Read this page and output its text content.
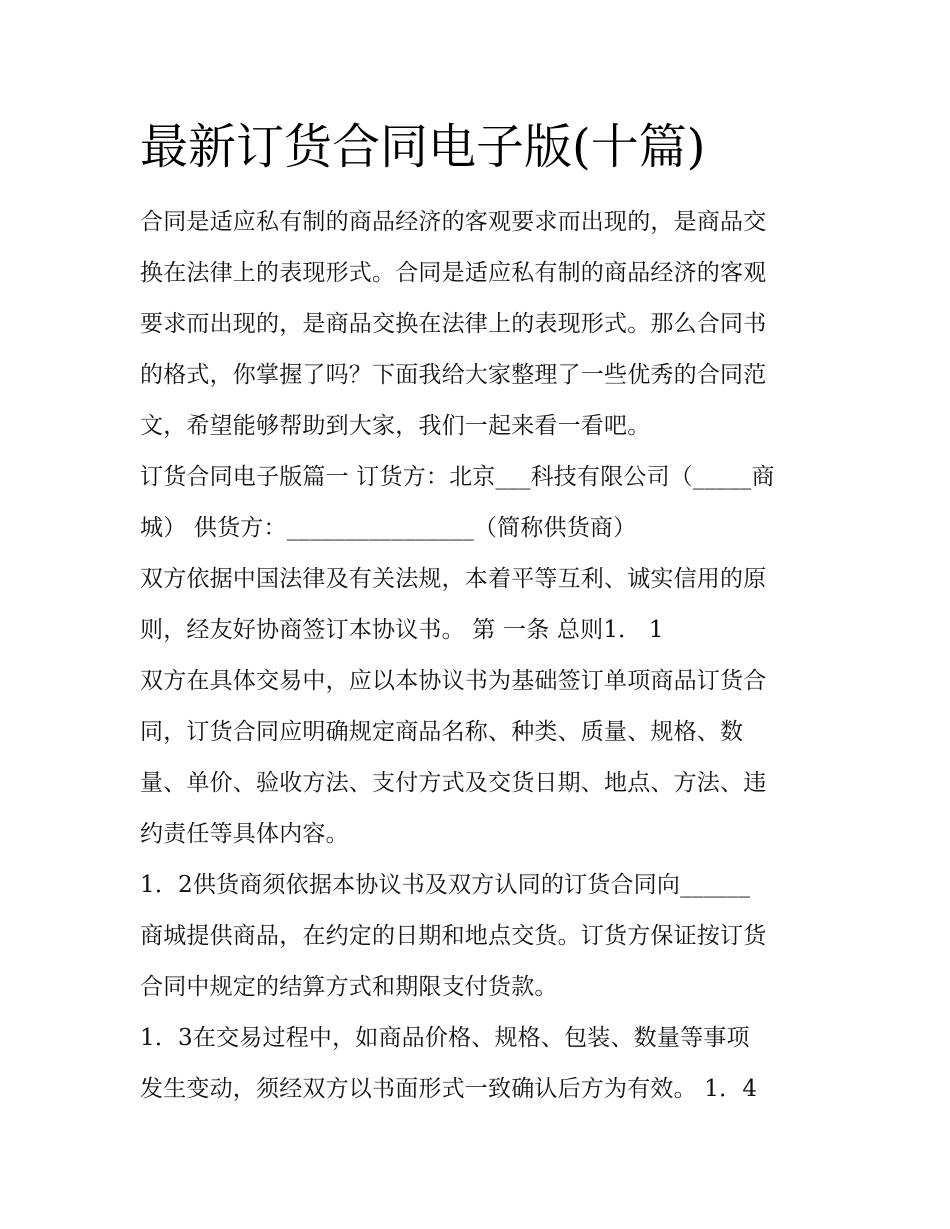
最新订货合同电子版(十篇)

合同是适应私有制的商品经济的客观要求而出现的，是商品交

换在法律上的表现形式。合同是适应私有制的商品经济的客观

要求而出现的，是商品交换在法律上的表现形式。那么合同书

的格式，你掌握了吗？下面我给大家整理了一些优秀的合同范

文，希望能够帮助到大家，我们一起来看一看吧。

订货合同电子版篇一 订货方：北京___科技有限公司（_____商

城） 供货方：________________（简称供货商）

双方依据中国法律及有关法规，本着平等互利、诚实信用的原

则，经友好协商签订本协议书。 第 一条 总则1． 1

双方在具体交易中，应以本协议书为基础签订单项商品订货合

同，订货合同应明确规定商品名称、种类、质量、规格、数

量、单价、验收方法、支付方式及交货日期、地点、方法、违

约责任等具体内容。

1．2供货商须依据本协议书及双方认同的订货合同向______

商城提供商品，在约定的日期和地点交货。订货方保证按订货

合同中规定的结算方式和期限支付货款。

1．3在交易过程中，如商品价格、规格、包装、数量等事项

发生变动，须经双方以书面形式一致确认后方为有效。 1．4
